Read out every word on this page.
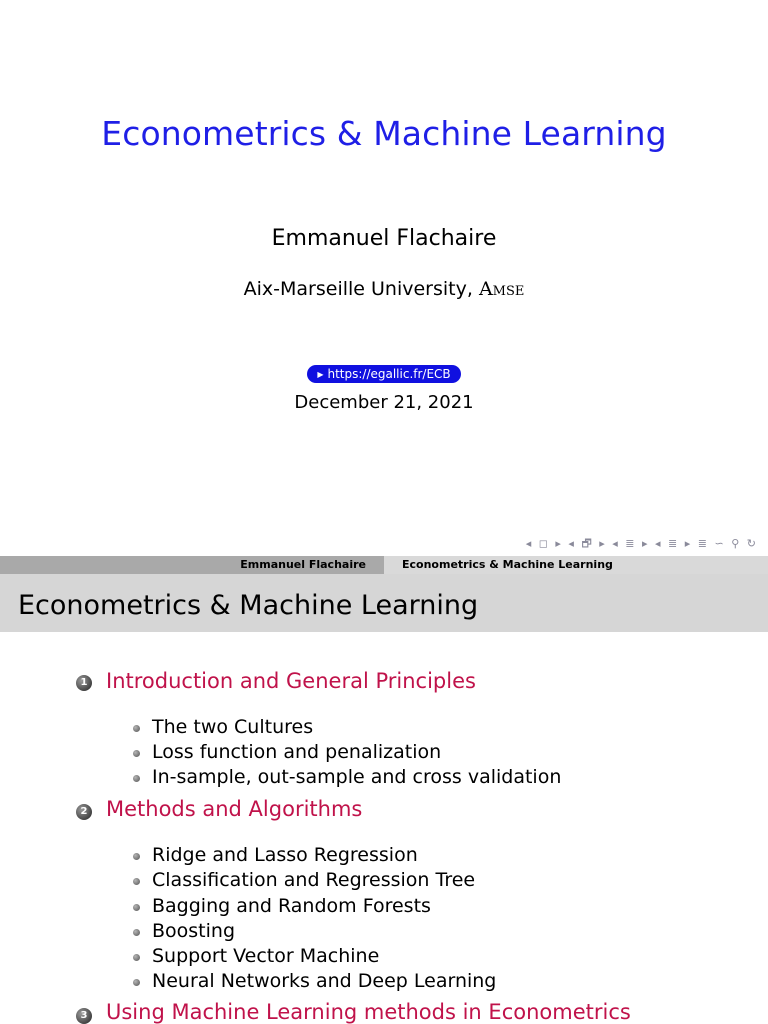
Econometrics & Machine Learning
Emmanuel Flachaire
Aix-Marseille University, Amse
▶ https://egallic.fr/ECB
December 21, 2021
◂ ◻ ▸ ◂ 🗗 ▸ ◂ ≣ ▸ ◂ ≣ ▸ ≣ ∽ ⚲ ↻
Emmanuel Flachaire	Econometrics & Machine Learning
Econometrics & Machine Learning
1 Introduction and General Principles
The two Cultures
Loss function and penalization
In-sample, out-sample and cross validation
2 Methods and Algorithms
Ridge and Lasso Regression
Classification and Regression Tree
Bagging and Random Forests
Boosting
Support Vector Machine
Neural Networks and Deep Learning
3 Using Machine Learning methods in Econometrics
